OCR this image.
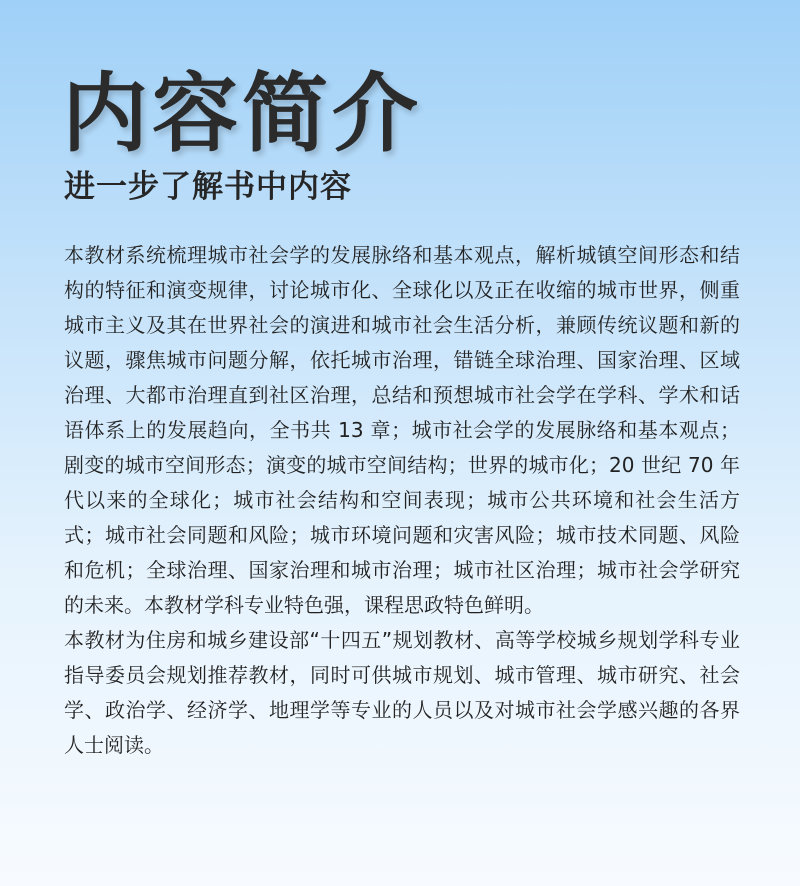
内容简介
进一步了解书中内容

本教材系统梳理城市社会学的发展脉络和基本观点，解析城镇空间形态和结构的特征和演变规律，讨论城市化、全球化以及正在收缩的城市世界，侧重城市主义及其在世界社会的演进和城市社会生活分析，兼顾传统议题和新的议题，骤焦城市问题分解，依托城市治理，错链全球治理、国家治理、区域治理、大都市治理直到社区治理，总结和预想城市社会学在学科、学术和话语体系上的发展趋向，全书共 13 章；城市社会学的发展脉络和基本观点；剧变的城市空间形态；演变的城市空间结构；世界的城市化；20 世纪 70 年代以来的全球化；城市社会结构和空间表现；城市公共环境和社会生活方式；城市社会同题和风险；城市环境问题和灾害风险；城市技术同题、风险和危机；全球治理、国家治理和城市治理；城市社区治理；城市社会学研究的未来。本教材学科专业特色强，课程思政特色鲜明。

本教材为住房和城乡建设部“十四五”规划教材、高等学校城乡规划学科专业指导委员会规划推荐教材，同时可供城市规划、城市管理、城市研究、社会学、政治学、经济学、地理学等专业的人员以及对城市社会学感兴趣的各界人士阅读。
